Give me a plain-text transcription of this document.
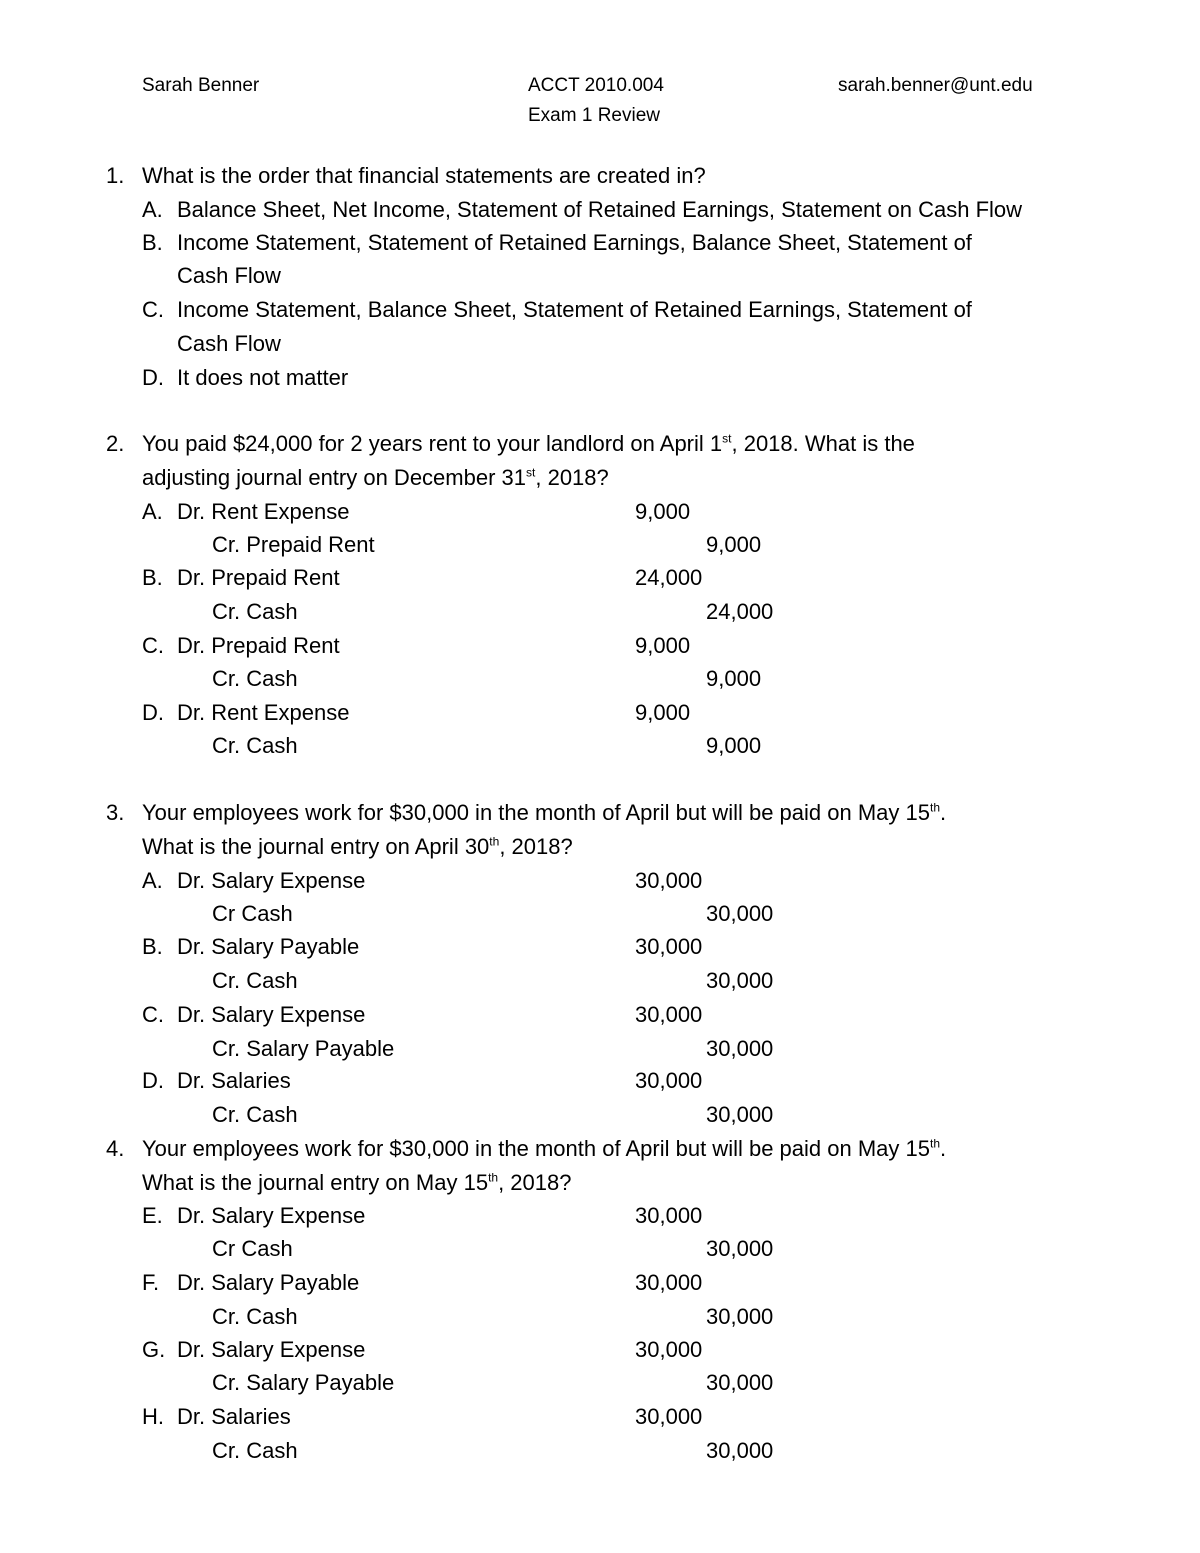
Sarah Benner	ACCT 2010.004	sarah.benner@unt.edu
Exam 1 Review
1. What is the order that financial statements are created in?
A. Balance Sheet, Net Income, Statement of Retained Earnings, Statement on Cash Flow
B. Income Statement, Statement of Retained Earnings, Balance Sheet, Statement of
Cash Flow
C. Income Statement, Balance Sheet, Statement of Retained Earnings, Statement of
Cash Flow
D. It does not matter
2. You paid $24,000 for 2 years rent to your landlord on April 1st, 2018. What is the
adjusting journal entry on December 31st, 2018?
A. Dr. Rent Expense	9,000
Cr. Prepaid Rent	9,000
B. Dr. Prepaid Rent	24,000
Cr. Cash	24,000
C. Dr. Prepaid Rent	9,000
Cr. Cash	9,000
D. Dr. Rent Expense	9,000
Cr. Cash	9,000
3. Your employees work for $30,000 in the month of April but will be paid on May 15th.
What is the journal entry on April 30th, 2018?
A. Dr. Salary Expense	30,000
Cr Cash	30,000
B. Dr. Salary Payable	30,000
Cr. Cash	30,000
C. Dr. Salary Expense	30,000
Cr. Salary Payable	30,000
D. Dr. Salaries	30,000
Cr. Cash	30,000
4. Your employees work for $30,000 in the month of April but will be paid on May 15th.
What is the journal entry on May 15th, 2018?
E. Dr. Salary Expense	30,000
Cr Cash	30,000
F. Dr. Salary Payable	30,000
Cr. Cash	30,000
G. Dr. Salary Expense	30,000
Cr. Salary Payable	30,000
H. Dr. Salaries	30,000
Cr. Cash	30,000
